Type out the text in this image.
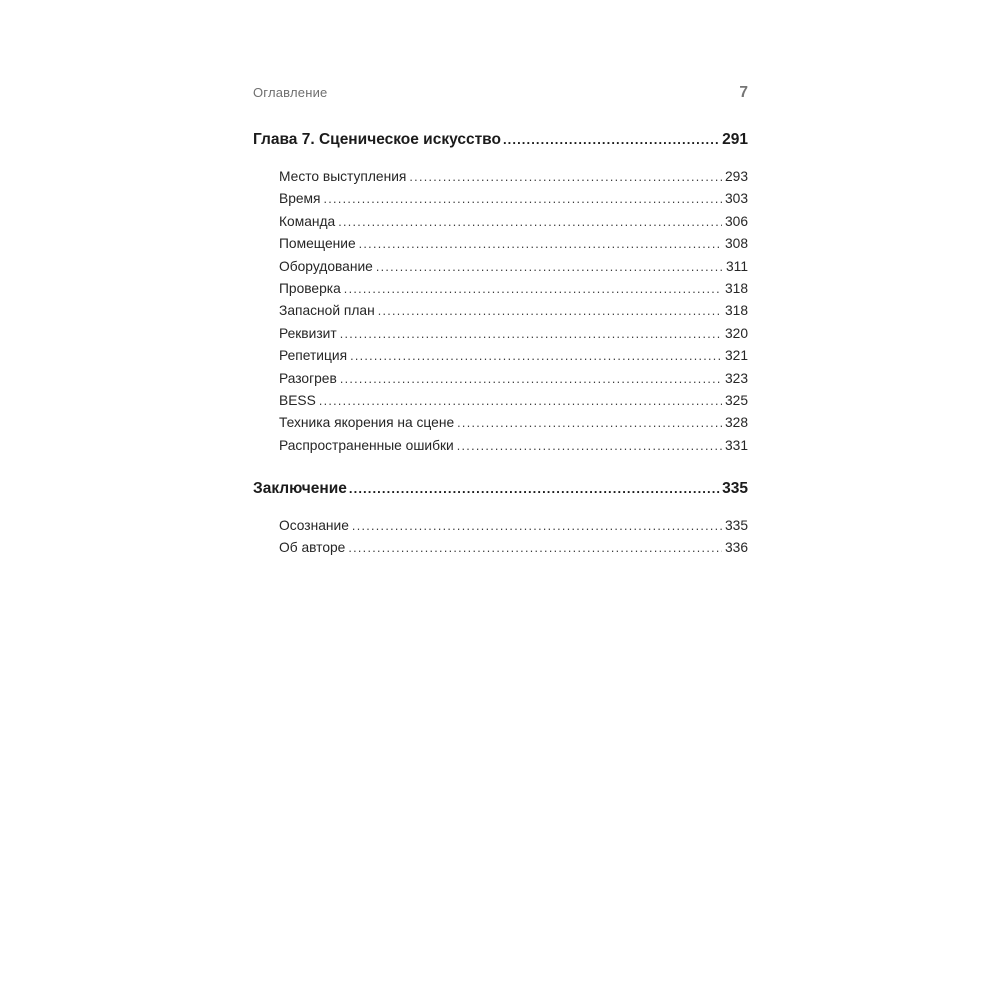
Оглавление	7
Глава 7. Сценическое искусство .....	291
Место выступления .....	293
Время .....	303
Команда .....	306
Помещение .....	308
Оборудование .....	311
Проверка .....	318
Запасной план .....	318
Реквизит .....	320
Репетиция .....	321
Разогрев .....	323
BESS .....	325
Техника якорения на сцене .....	328
Распространенные ошибки .....	331
Заключение .....	335
Осознание .....	335
Об авторе .....	336
